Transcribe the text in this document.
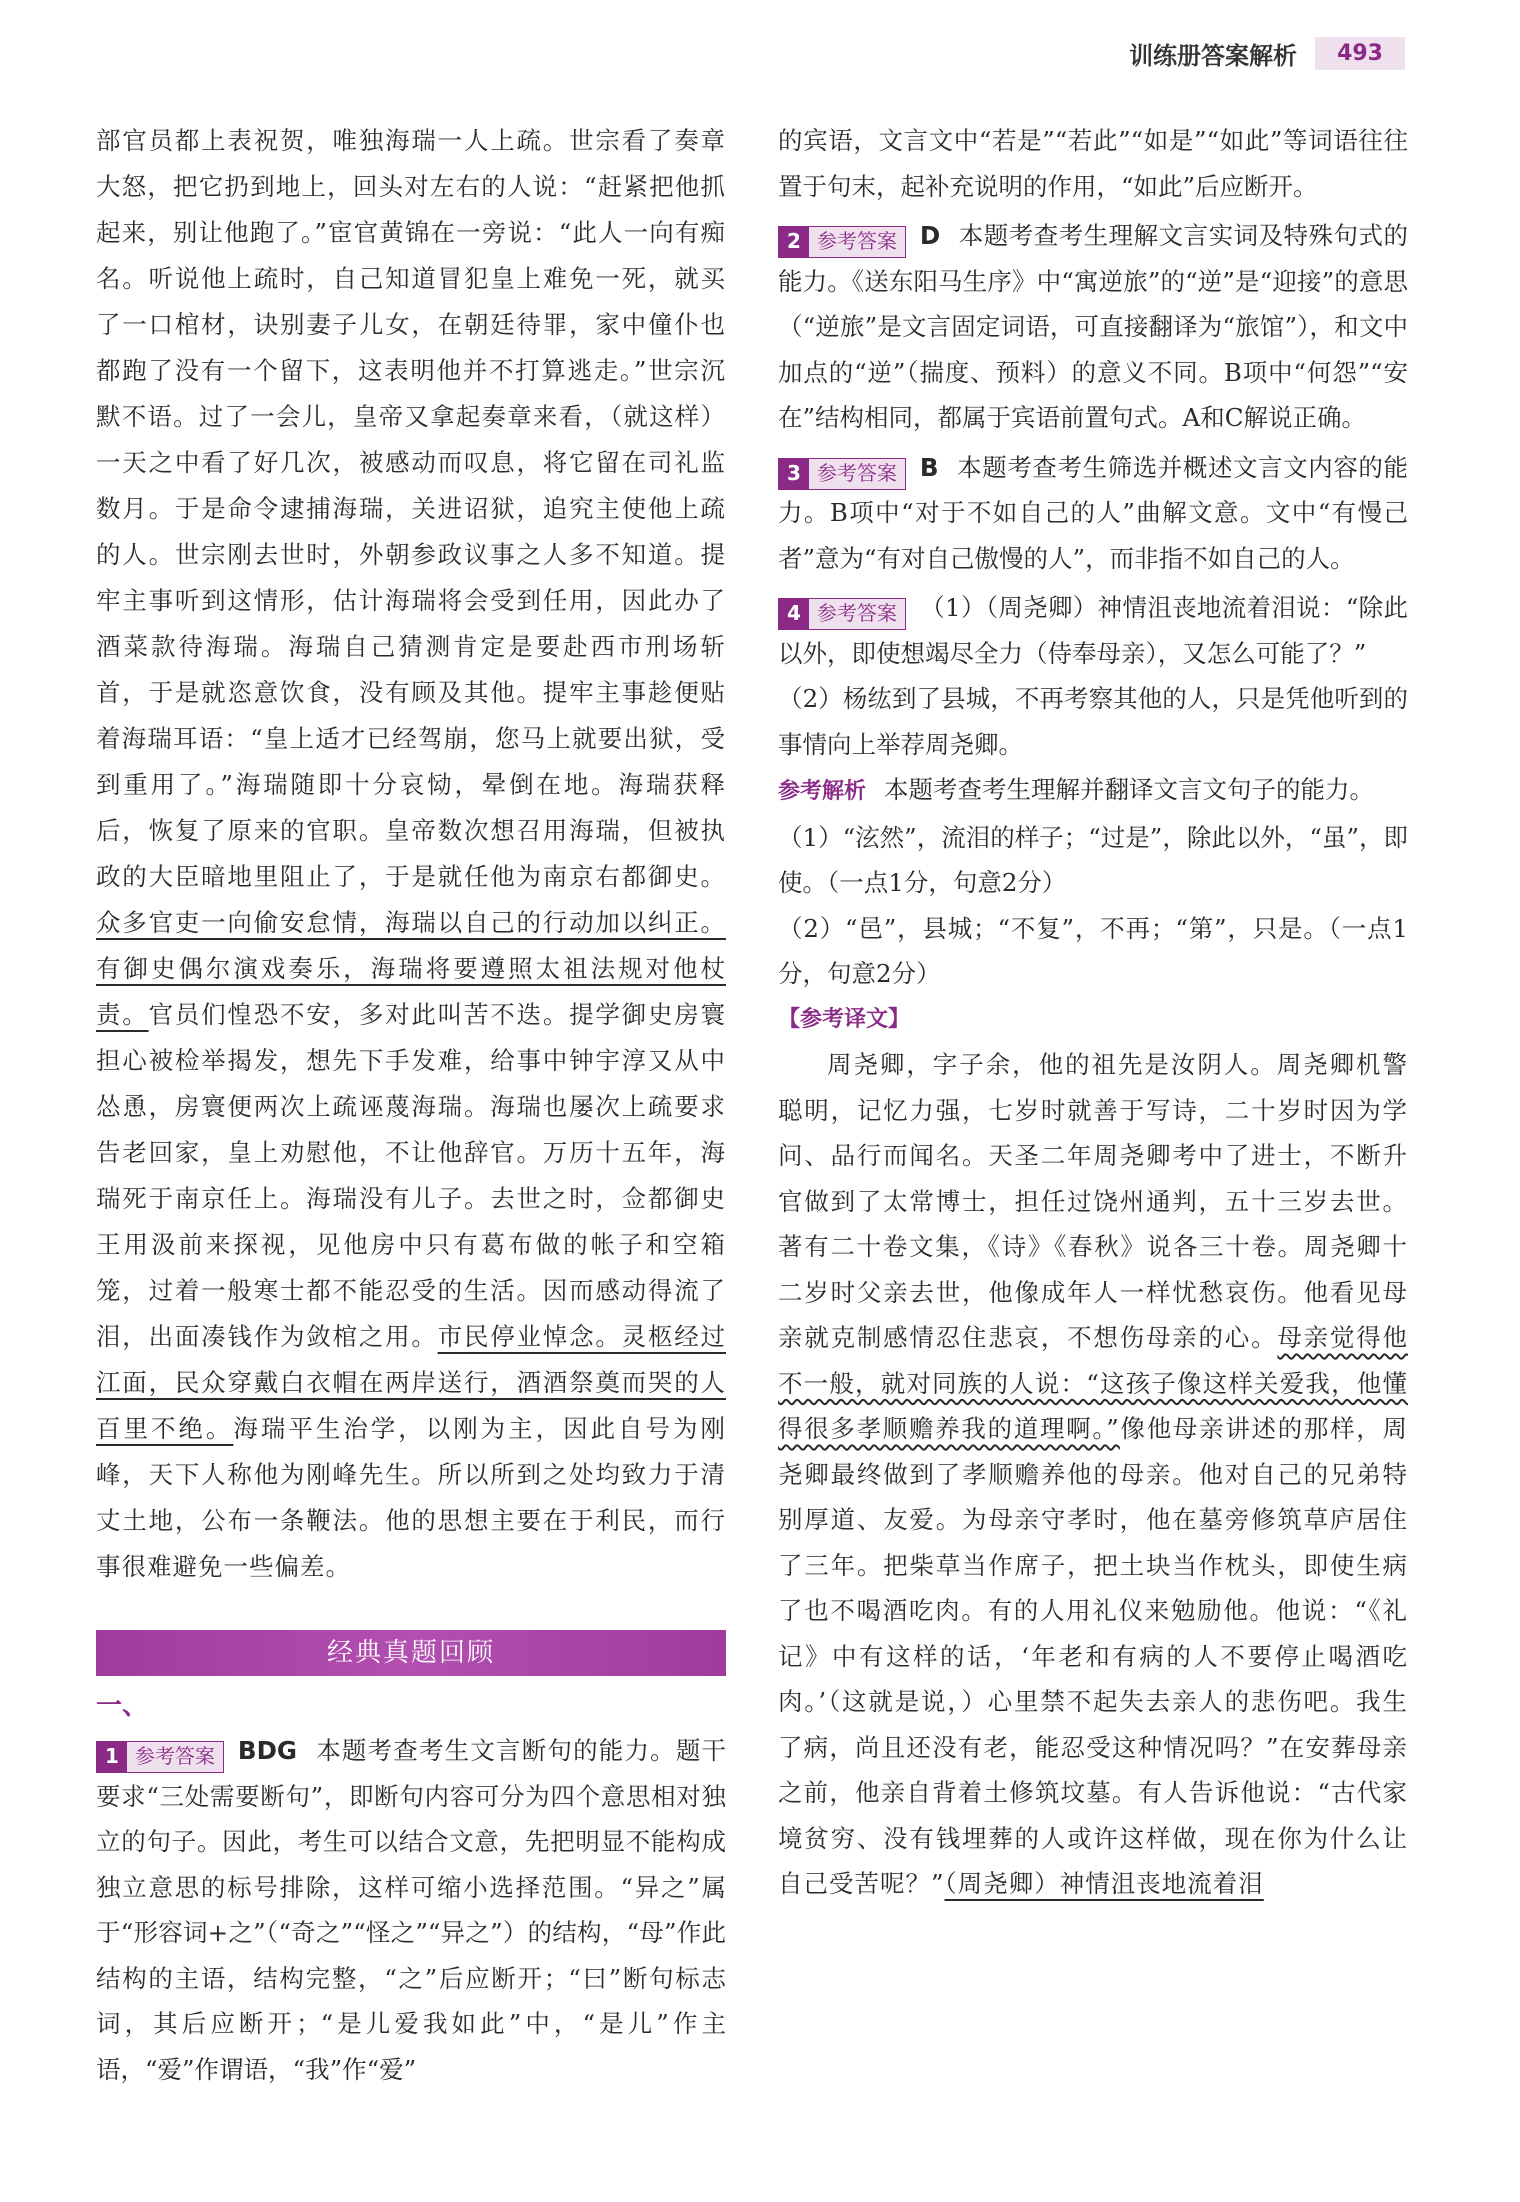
训练册答案解析	493

部官员都上表祝贺，唯独海瑞一人上疏。世宗看了奏章大怒，把它扔到地上，回头对左右的人说：“赶紧把他抓起来，别让他跑了。”宦官黄锦在一旁说：“此人一向有痴名。听说他上疏时，自己知道冒犯皇上难免一死，就买了一口棺材，诀别妻子儿女，在朝廷待罪，家中僮仆也都跑了没有一个留下，这表明他并不打算逃走。”世宗沉默不语。过了一会儿，皇帝又拿起奏章来看，（就这样）一天之中看了好几次，被感动而叹息，将它留在司礼监数月。于是命令逮捕海瑞，关进诏狱，追究主使他上疏的人。世宗刚去世时，外朝参政议事之人多不知道。提牢主事听到这情形，估计海瑞将会受到任用，因此办了酒菜款待海瑞。海瑞自己猜测肯定是要赴西市刑场斩首，于是就恣意饮食，没有顾及其他。提牢主事趁便贴着海瑞耳语：“皇上适才已经驾崩，您马上就要出狱，受到重用了。”海瑞随即十分哀恸，晕倒在地。海瑞获释后，恢复了原来的官职。皇帝数次想召用海瑞，但被执政的大臣暗地里阻止了，于是就任他为南京右都御史。众多官吏一向偷安怠情，海瑞以自己的行动加以纠正。有御史偶尔演戏奏乐，海瑞将要遵照太祖法规对他杖责。官员们惶恐不安，多对此叫苦不迭。提学御史房寰担心被检举揭发，想先下手发难，给事中钟宇淳又从中怂恿，房寰便两次上疏诬蔑海瑞。海瑞也屡次上疏要求告老回家，皇上劝慰他，不让他辞官。万历十五年，海瑞死于南京任上。海瑞没有儿子。去世之时，佥都御史王用汲前来探视，见他房中只有葛布做的帐子和空箱笼，过着一般寒士都不能忍受的生活。因而感动得流了泪，出面凑钱作为敛棺之用。市民停业悼念。灵柩经过江面，民众穿戴白衣帽在两岸送行，酒酒祭奠而哭的人百里不绝。海瑞平生治学，以刚为主，因此自号为刚峰，天下人称他为刚峰先生。所以所到之处均致力于清丈土地，公布一条鞭法。他的思想主要在于利民，而行事很难避免一些偏差。

经典真题回顾
一、

1 参考答案 BDG 本题考查考生文言断句的能力。题干要求“三处需要断句”，即断句内容可分为四个意思相对独立的句子。因此，考生可以结合文意，先把明显不能构成独立意思的标号排除，这样可缩小选择范围。“异之”属于“形容词+之”（“奇之”“怪之”“异之”）的结构，“母”作此结构的主语，结构完整，“之”后应断开；“曰”断句标志词，其后应断开；“是儿爱我如此”中，“是儿”作主语，“爱”作谓语，“我”作“爱”

的宾语，文言文中“若是”“若此”“如是”“如此”等词语往往置于句末，起补充说明的作用，“如此”后应断开。

2 参考答案 D 本题考查考生理解文言实词及特殊句式的能力。《送东阳马生序》中“寓逆旅”的“逆”是“迎接”的意思（“逆旅”是文言固定词语，可直接翻译为“旅馆”），和文中加点的“逆”（揣度、预料）的意义不同。B项中“何怨”“安在”结构相同，都属于宾语前置句式。A和C解说正确。

3 参考答案 B 本题考查考生筛选并概述文言文内容的能力。B项中“对于不如自己的人”曲解文意。文中“有慢己者”意为“有对自己傲慢的人”，而非指不如自己的人。

4 参考答案 （1）（周尧卿）神情沮丧地流着泪说：“除此以外，即使想竭尽全力（侍奉母亲），又怎么可能了？”

（2）杨纮到了县城，不再考察其他的人，只是凭他听到的事情向上举荐周尧卿。

参考解析 本题考查考生理解并翻译文言文句子的能力。

（1）“泫然”，流泪的样子；“过是”，除此以外，“虽”，即使。（一点1分，句意2分）

（2）“邑”，县城；“不复”，不再；“第”，只是。（一点1分，句意2分）

【参考译文】

周尧卿，字子余，他的祖先是汝阴人。周尧卿机警聪明，记忆力强，七岁时就善于写诗，二十岁时因为学问、品行而闻名。天圣二年周尧卿考中了进士，不断升官做到了太常博士，担任过饶州通判，五十三岁去世。著有二十卷文集，《诗》《春秋》说各三十卷。周尧卿十二岁时父亲去世，他像成年人一样忧愁哀伤。他看见母亲就克制感情忍住悲哀，不想伤母亲的心。母亲觉得他不一般，就对同族的人说：“这孩子像这样关爱我，他懂得很多孝顺赡养我的道理啊。”像他母亲讲述的那样，周尧卿最终做到了孝顺赡养他的母亲。他对自己的兄弟特别厚道、友爱。为母亲守孝时，他在墓旁修筑草庐居住了三年。把柴草当作席子，把土块当作枕头，即使生病了也不喝酒吃肉。有的人用礼仪来勉励他。他说：“《礼记》中有这样的话，‘年老和有病的人不要停止喝酒吃肉。’（这就是说，）心里禁不起失去亲人的悲伤吧。我生了病，尚且还没有老，能忍受这种情况吗？”在安葬母亲之前，他亲自背着土修筑坟墓。有人告诉他说：“古代家境贫穷、没有钱埋葬的人或许这样做，现在你为什么让自己受苦呢？”（周尧卿）神情沮丧地流着泪
